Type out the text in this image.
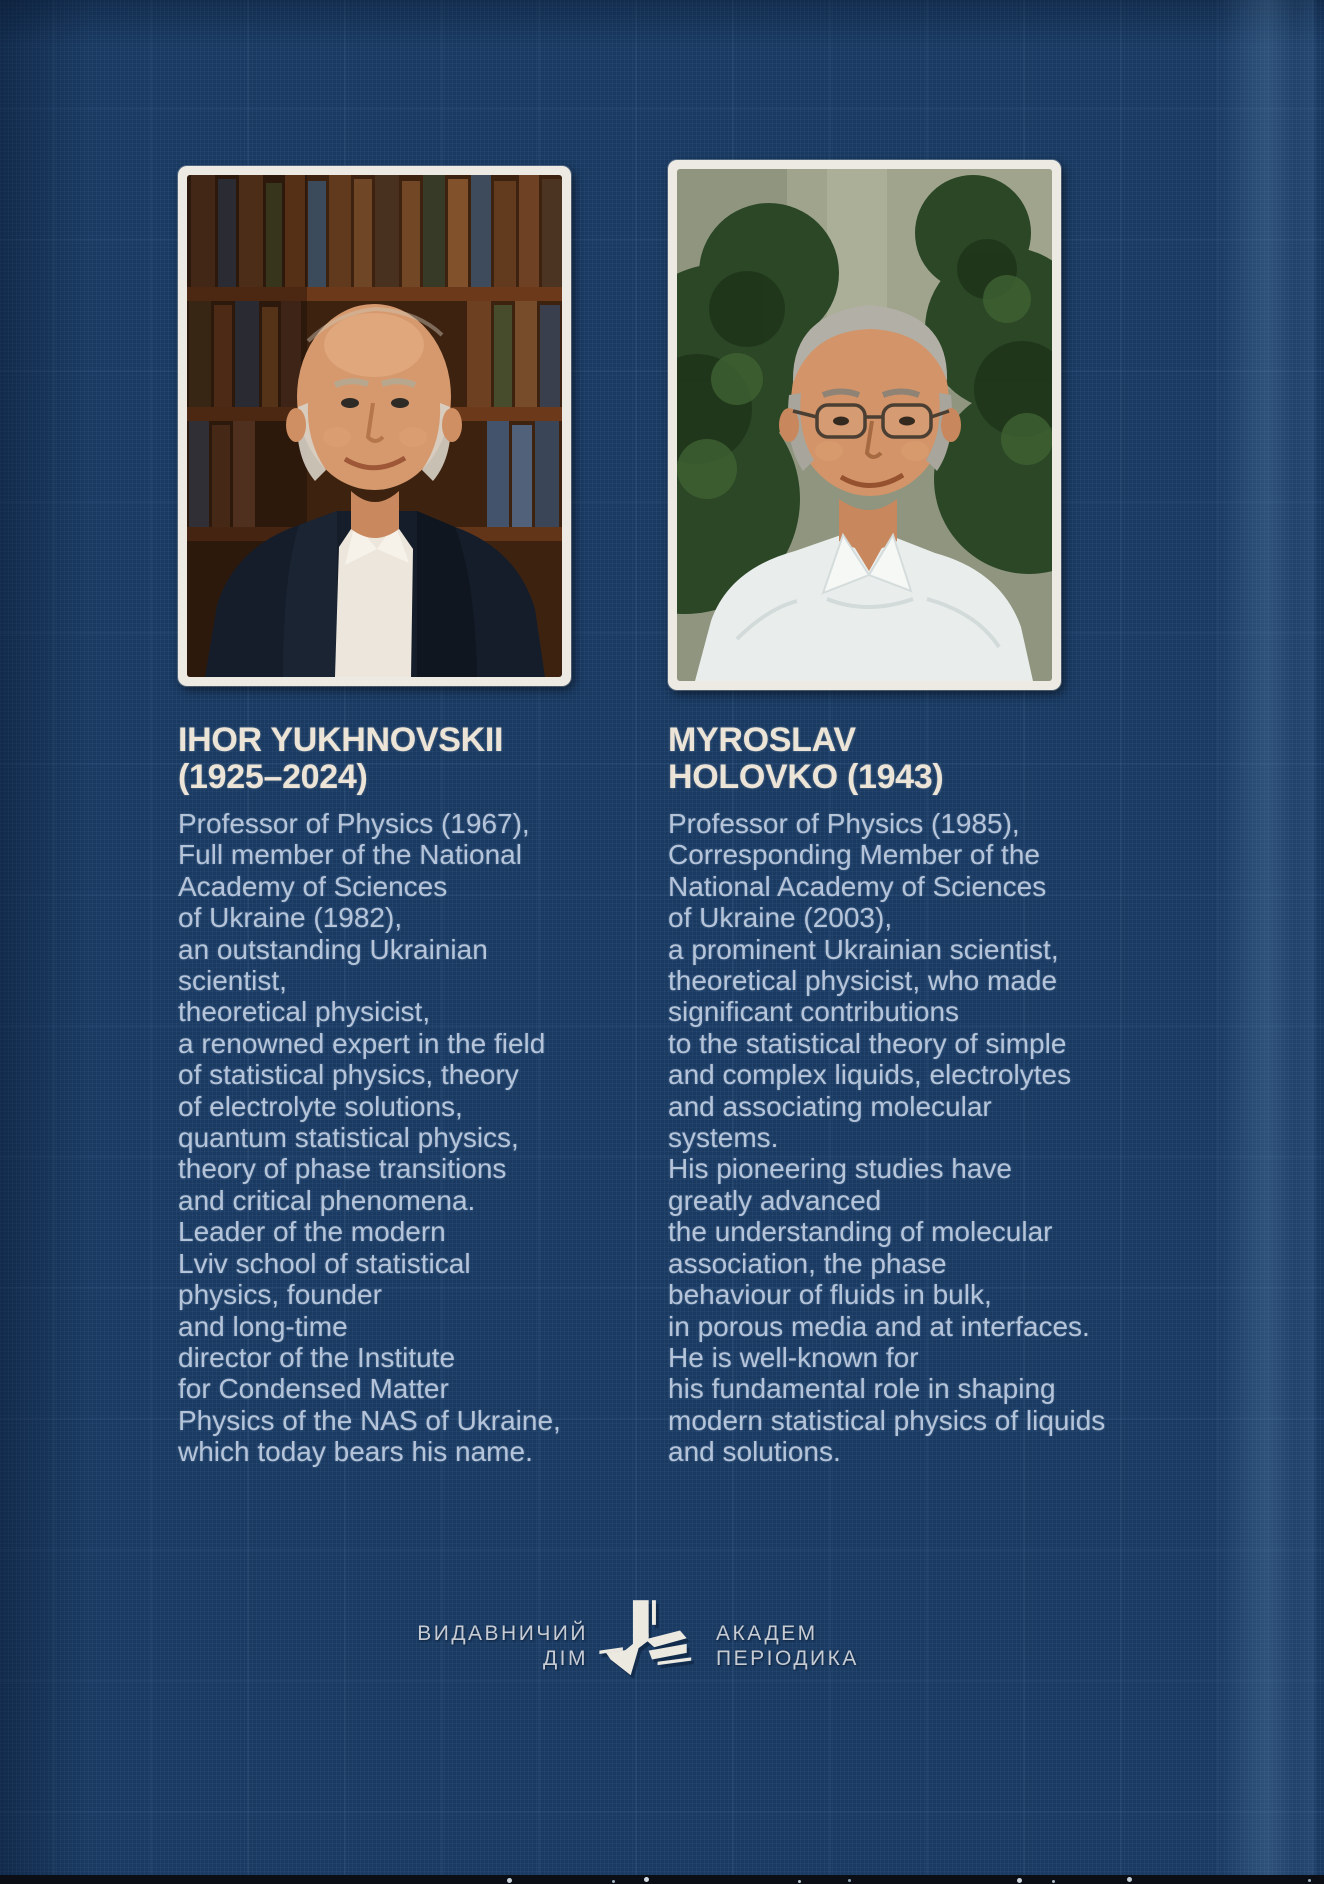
IHOR YUKHNOVSKII
(1925–2024)
Professor of Physics (1967),
Full member of the National
Academy of Sciences
of Ukraine (1982),
an outstanding Ukrainian
scientist,
theoretical physicist,
a renowned expert in the field
of statistical physics, theory
of electrolyte solutions,
quantum statistical physics,
theory of phase transitions
and critical phenomena.
Leader of the modern
Lviv school of statistical
physics, founder
and long-time
director of the Institute
for Condensed Matter
Physics of the NAS of Ukraine,
which today bears his name.
MYROSLAV
HOLOVKO (1943)
Professor of Physics (1985),
Corresponding Member of the
National Academy of Sciences
of Ukraine (2003),
a prominent Ukrainian scientist,
theoretical physicist, who made
significant contributions
to the statistical theory of simple
and complex liquids, electrolytes
and associating molecular
systems.
His pioneering studies have
greatly advanced
the understanding of molecular
association, the phase
behaviour of fluids in bulk,
in porous media and at interfaces.
He is well-known for
his fundamental role in shaping
modern statistical physics of liquids
and solutions.
ВИДАВНИЧИЙ
ДІМ
АКАДЕМ
ПЕРІОДИКА
